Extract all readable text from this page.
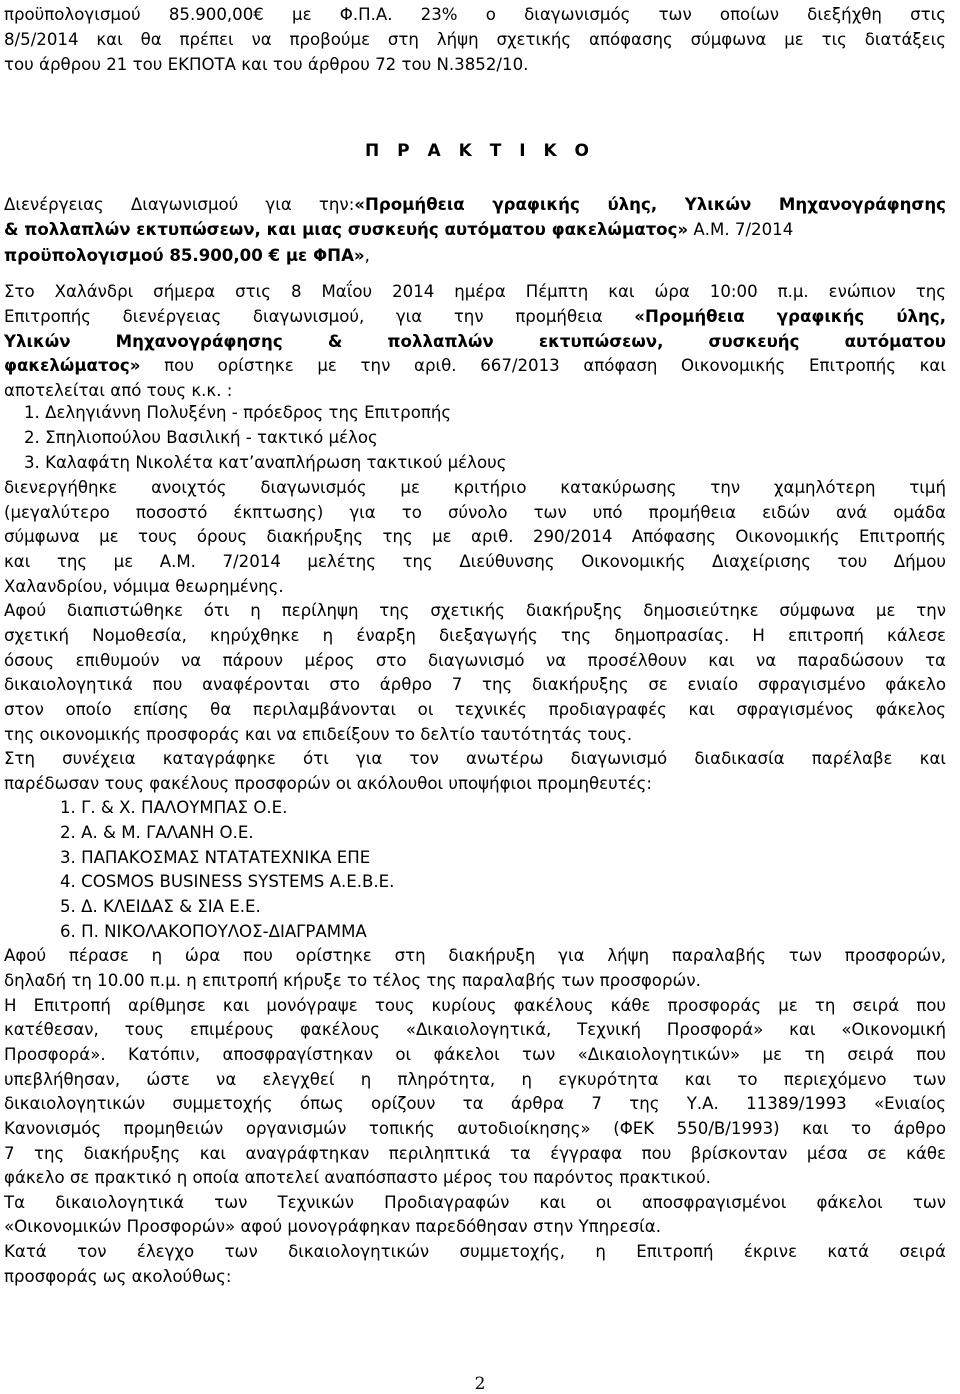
προϋπολογισμού 85.900,00€ με Φ.Π.Α. 23% ο διαγωνισμός των οποίων διεξήχθη στις
8/5/2014 και θα πρέπει να προβούμε στη λήψη σχετικής απόφασης σύμφωνα με τις διατάξεις
του άρθρου 21 του ΕΚΠΟΤΑ και του άρθρου 72 του Ν.3852/10.
Π Ρ Α Κ Τ Ι Κ Ο
Διενέργειας Διαγωνισμού για την:«Προμήθεια γραφικής ύλης, Υλικών Μηχανογράφησης
& πολλαπλών εκτυπώσεων, και μιας συσκευής αυτόματου φακελώματος» Α.Μ. 7/2014
προϋπολογισμού 85.900,00 € με ΦΠΑ»,
Στο Χαλάνδρι σήμερα στις 8 Μαΐου 2014 ημέρα Πέμπτη και ώρα 10:00 π.μ. ενώπιον της
Επιτροπής διενέργειας διαγωνισμού, για την προμήθεια «Προμήθεια γραφικής ύλης,
Υλικών Μηχανογράφησης & πολλαπλών εκτυπώσεων, συσκευής αυτόματου
φακελώματος» που ορίστηκε με την αριθ. 667/2013 απόφαση Οικονομικής Επιτροπής και
αποτελείται από τους κ.κ. :
1. Δεληγιάννη Πολυξένη - πρόεδρος της Επιτροπής
2. Σπηλιοπούλου Βασιλική - τακτικό μέλος
3. Καλαφάτη Νικολέτα κατ’αναπλήρωση τακτικού μέλους
διενεργήθηκε ανοιχτός διαγωνισμός με κριτήριο κατακύρωσης την χαμηλότερη τιμή
(μεγαλύτερο ποσοστό έκπτωσης) για το σύνολο των υπό προμήθεια ειδών ανά ομάδα
σύμφωνα με τους όρους διακήρυξης της με αριθ. 290/2014 Απόφασης Οικονομικής Επιτροπής
και της με Α.Μ. 7/2014 μελέτης της Διεύθυνσης Οικονομικής Διαχείρισης του Δήμου
Χαλανδρίου, νόμιμα θεωρημένης.
Αφού διαπιστώθηκε ότι η περίληψη της σχετικής διακήρυξης δημοσιεύτηκε σύμφωνα με την
σχετική Νομοθεσία, κηρύχθηκε η έναρξη διεξαγωγής της δημοπρασίας. Η επιτροπή κάλεσε
όσους επιθυμούν να πάρουν μέρος στο διαγωνισμό να προσέλθουν και να παραδώσουν τα
δικαιολογητικά που αναφέρονται στο άρθρο 7 της διακήρυξης σε ενιαίο σφραγισμένο φάκελο
στον οποίο επίσης θα περιλαμβάνονται οι τεχνικές προδιαγραφές και σφραγισμένος φάκελος
της οικονομικής προσφοράς και να επιδείξουν το δελτίο ταυτότητάς τους.
Στη συνέχεια καταγράφηκε ότι για τον ανωτέρω διαγωνισμό διαδικασία παρέλαβε και
παρέδωσαν τους φακέλους προσφορών οι ακόλουθοι υποψήφιοι προμηθευτές:
1. Γ. & Χ. ΠΑΛΟΥΜΠΑΣ Ο.Ε.
2. Α. & Μ. ΓΑΛΑΝΗ Ο.Ε.
3. ΠΑΠΑΚΟΣΜΑΣ ΝΤΑΤΑΤΕΧΝΙΚΑ ΕΠΕ
4. COSMOS BUSINESS SYSTEMS Α.Ε.Β.Ε.
5. Δ. ΚΛΕΙΔΑΣ & ΣΙΑ Ε.Ε.
6. Π. ΝΙΚΟΛΑΚΟΠΟΥΛΟΣ-ΔΙΑΓΡΑΜΜΑ
Αφού πέρασε η ώρα που ορίστηκε στη διακήρυξη για λήψη παραλαβής των προσφορών,
δηλαδή τη 10.00 π.μ. η επιτροπή κήρυξε το τέλος της παραλαβής των προσφορών.
Η Επιτροπή αρίθμησε και μονόγραψε τους κυρίους φακέλους κάθε προσφοράς με τη σειρά που
κατέθεσαν, τους επιμέρους φακέλους «Δικαιολογητικά, Τεχνική Προσφορά» και «Οικονομική
Προσφορά». Κατόπιν, αποσφραγίστηκαν οι φάκελοι των «Δικαιολογητικών» με τη σειρά που
υπεβλήθησαν, ώστε να ελεγχθεί η πληρότητα, η εγκυρότητα και το περιεχόμενο των
δικαιολογητικών συμμετοχής όπως ορίζουν τα άρθρα 7 της Υ.Α. 11389/1993 «Ενιαίος
Κανονισμός προμηθειών οργανισμών τοπικής αυτοδιοίκησης» (ΦΕΚ 550/Β/1993) και το άρθρο
7 της διακήρυξης και αναγράφτηκαν περιληπτικά τα έγγραφα που βρίσκονταν μέσα σε κάθε
φάκελο σε πρακτικό η οποία αποτελεί αναπόσπαστο μέρος του παρόντος πρακτικού.
Τα δικαιολογητικά των Τεχνικών Προδιαγραφών και οι αποσφραγισμένοι φάκελοι των
«Οικονομικών Προσφορών» αφού μονογράφηκαν παρεδόθησαν στην Υπηρεσία.
Κατά τον έλεγχο των δικαιολογητικών συμμετοχής, η Επιτροπή έκρινε κατά σειρά
προσφοράς ως ακολούθως:
2
